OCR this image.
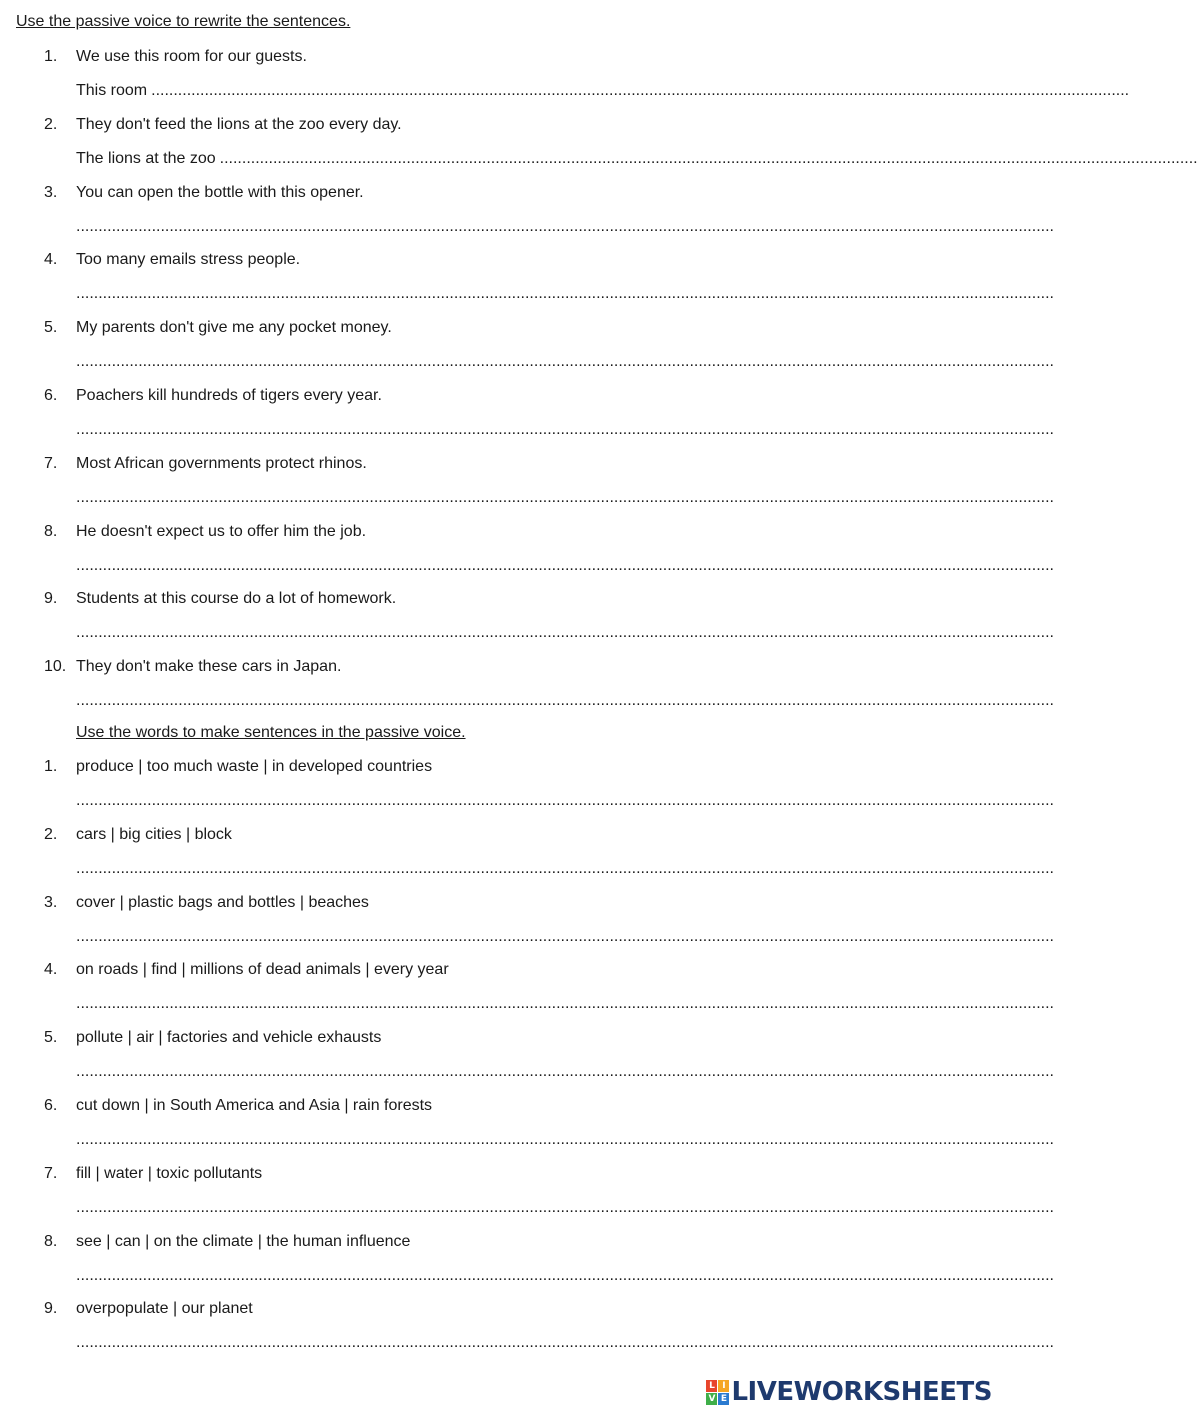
Use the passive voice to rewrite the sentences.
1.	We use this room for our guests.
This room ............................................................................................................................................................................................................................
2.	They don't feed the lions at the zoo every day.
The lions at the zoo ............................................................................................................................................................................................................................
3.	You can open the bottle with this opener.
............................................................................................................................................................................................................................
4.	Too many emails stress people.
............................................................................................................................................................................................................................
5.	My parents don't give me any pocket money.
............................................................................................................................................................................................................................
6.	Poachers kill hundreds of tigers every year.
............................................................................................................................................................................................................................
7.	Most African governments protect rhinos.
............................................................................................................................................................................................................................
8.	He doesn't expect us to offer him the job.
............................................................................................................................................................................................................................
9.	Students at this course do a lot of homework.
............................................................................................................................................................................................................................
10. They don't make these cars in Japan.
............................................................................................................................................................................................................................
Use the words to make sentences in the passive voice.
1.	produce | too much waste | in developed countries
............................................................................................................................................................................................................................
2.	cars | big cities | block
............................................................................................................................................................................................................................
3.	cover | plastic bags and bottles | beaches
............................................................................................................................................................................................................................
4.	on roads | find | millions of dead animals | every year
............................................................................................................................................................................................................................
5.	pollute | air | factories and vehicle exhausts
............................................................................................................................................................................................................................
6.	cut down | in South America and Asia | rain forests
............................................................................................................................................................................................................................
7.	fill | water | toxic pollutants
............................................................................................................................................................................................................................
8.	see | can | on the climate | the human influence
............................................................................................................................................................................................................................
9.	overpopulate | our planet
............................................................................................................................................................................................................................
L I
V E LIVEWORKSHEETS
